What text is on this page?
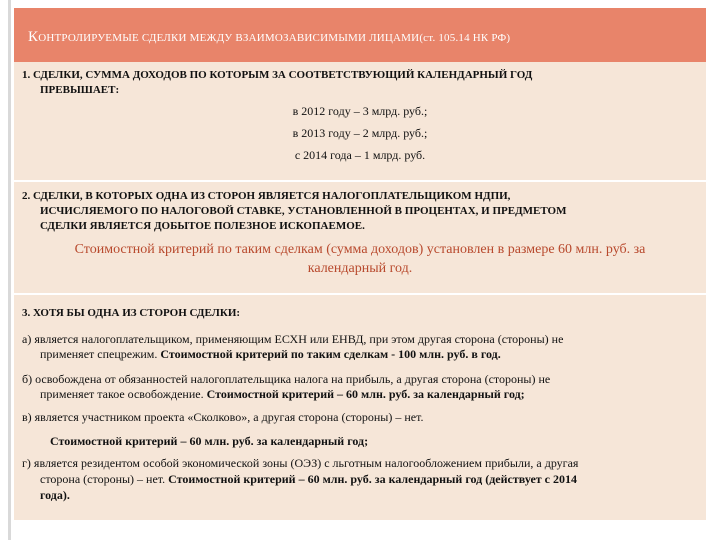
КОНТРОЛИРУЕМЫЕ СДЕЛКИ МЕЖДУ ВЗАИМОЗАВИСИМЫМИ ЛИЦАМИ(ст. 105.14 НК РФ)
1. СДЕЛКИ, СУММА ДОХОДОВ ПО КОТОРЫМ ЗА СООТВЕТСТВУЮЩИЙ КАЛЕНДАРНЫЙ ГОД
ПРЕВЫШАЕТ:
в 2012 году – 3 млрд. руб.;
в 2013 году – 2 млрд. руб.;
с 2014 года – 1 млрд. руб.
2. СДЕЛКИ, В КОТОРЫХ ОДНА ИЗ СТОРОН ЯВЛЯЕТСЯ НАЛОГОПЛАТЕЛЬЩИКОМ НДПИ,
ИСЧИСЛЯЕМОГО ПО НАЛОГОВОЙ СТАВКЕ, УСТАНОВЛЕННОЙ В ПРОЦЕНТАХ, И ПРЕДМЕТОМ
СДЕЛКИ ЯВЛЯЕТСЯ ДОБЫТОЕ ПОЛЕЗНОЕ ИСКОПАЕМОЕ.
Стоимостной критерий по таким сделкам (сумма доходов) установлен в размере 60 млн. руб. за
календарный год.
3. ХОТЯ БЫ ОДНА ИЗ СТОРОН СДЕЛКИ:
а) является налогоплательщиком, применяющим ЕСХН или ЕНВД, при этом другая сторона (стороны) не
применяет спецрежим. Стоимостной критерий по таким сделкам - 100 млн. руб. в год.
б) освобождена от обязанностей налогоплательщика налога на прибыль, а другая сторона (стороны) не
применяет такое освобождение. Стоимостной критерий – 60 млн. руб. за календарный год;
в) является участником проекта «Сколково», а другая сторона (стороны) – нет.
Стоимостной критерий – 60 млн. руб. за календарный год;
г) является резидентом особой экономической зоны (ОЭЗ) с льготным налогообложением прибыли, а другая
сторона (стороны) – нет. Стоимостной критерий – 60 млн. руб. за календарный год (действует с 2014
года).
